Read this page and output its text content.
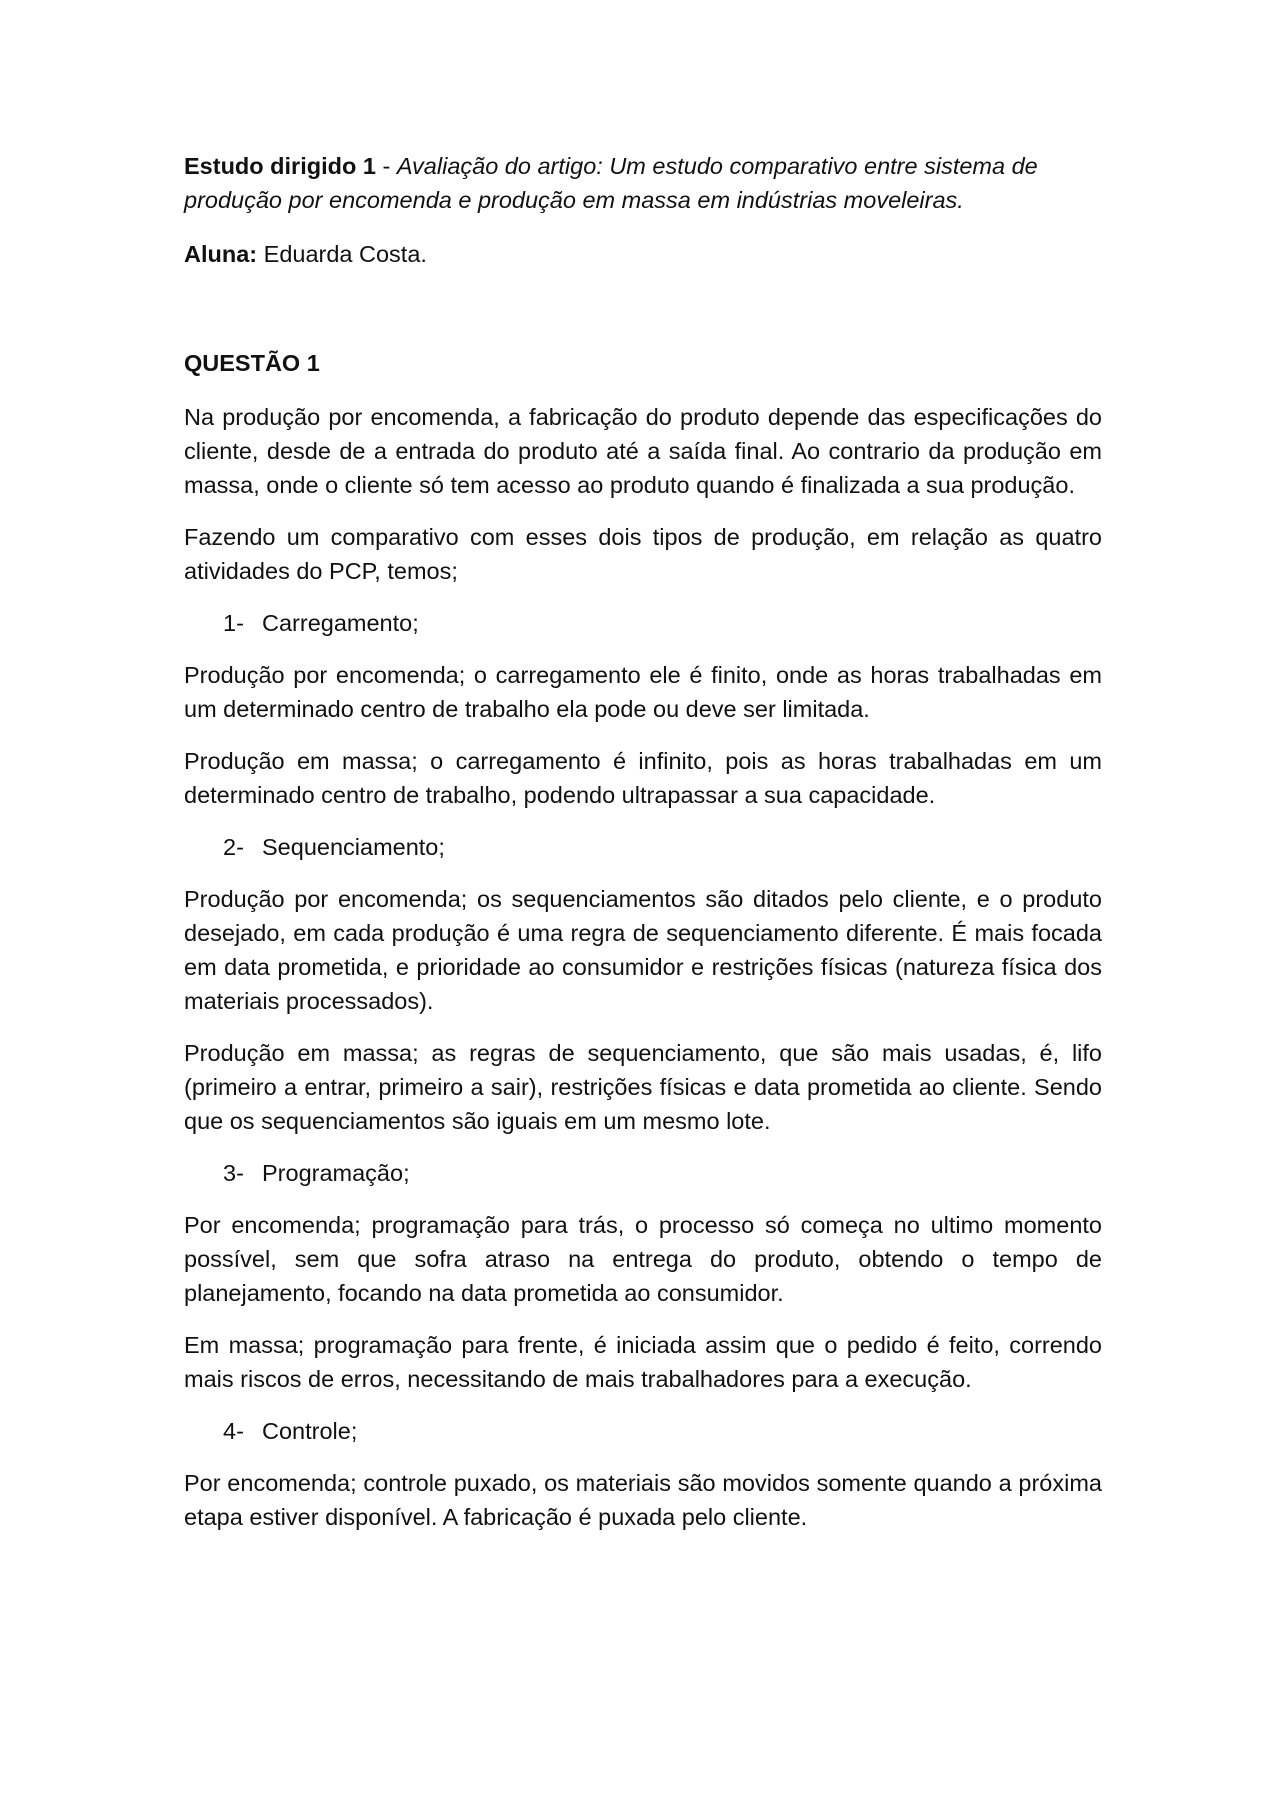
Estudo dirigido 1 - Avaliação do artigo: Um estudo comparativo entre sistema de produção por encomenda e produção em massa em indústrias moveleiras.

Aluna: Eduarda Costa.

QUESTÃO 1

Na produção por encomenda, a fabricação do produto depende das especificações do cliente, desde de a entrada do produto até a saída final. Ao contrario da produção em massa, onde o cliente só tem acesso ao produto quando é finalizada a sua produção.

Fazendo um comparativo com esses dois tipos de produção, em relação as quatro atividades do PCP, temos;

1- Carregamento;

Produção por encomenda; o carregamento ele é finito, onde as horas trabalhadas em um determinado centro de trabalho ela pode ou deve ser limitada.

Produção em massa; o carregamento é infinito, pois as horas trabalhadas em um determinado centro de trabalho, podendo ultrapassar a sua capacidade.

2- Sequenciamento;

Produção por encomenda; os sequenciamentos são ditados pelo cliente, e o produto desejado, em cada produção é uma regra de sequenciamento diferente. É mais focada em data prometida, e prioridade ao consumidor e restrições físicas (natureza física dos materiais processados).

Produção em massa; as regras de sequenciamento, que são mais usadas, é, lifo (primeiro a entrar, primeiro a sair), restrições físicas e data prometida ao cliente. Sendo que os sequenciamentos são iguais em um mesmo lote.

3- Programação;

Por encomenda; programação para trás, o processo só começa no ultimo momento possível, sem que sofra atraso na entrega do produto, obtendo o tempo de planejamento, focando na data prometida ao consumidor.

Em massa; programação para frente, é iniciada assim que o pedido é feito, correndo mais riscos de erros, necessitando de mais trabalhadores para a execução.

4- Controle;

Por encomenda; controle puxado, os materiais são movidos somente quando a próxima etapa estiver disponível. A fabricação é puxada pelo cliente.
